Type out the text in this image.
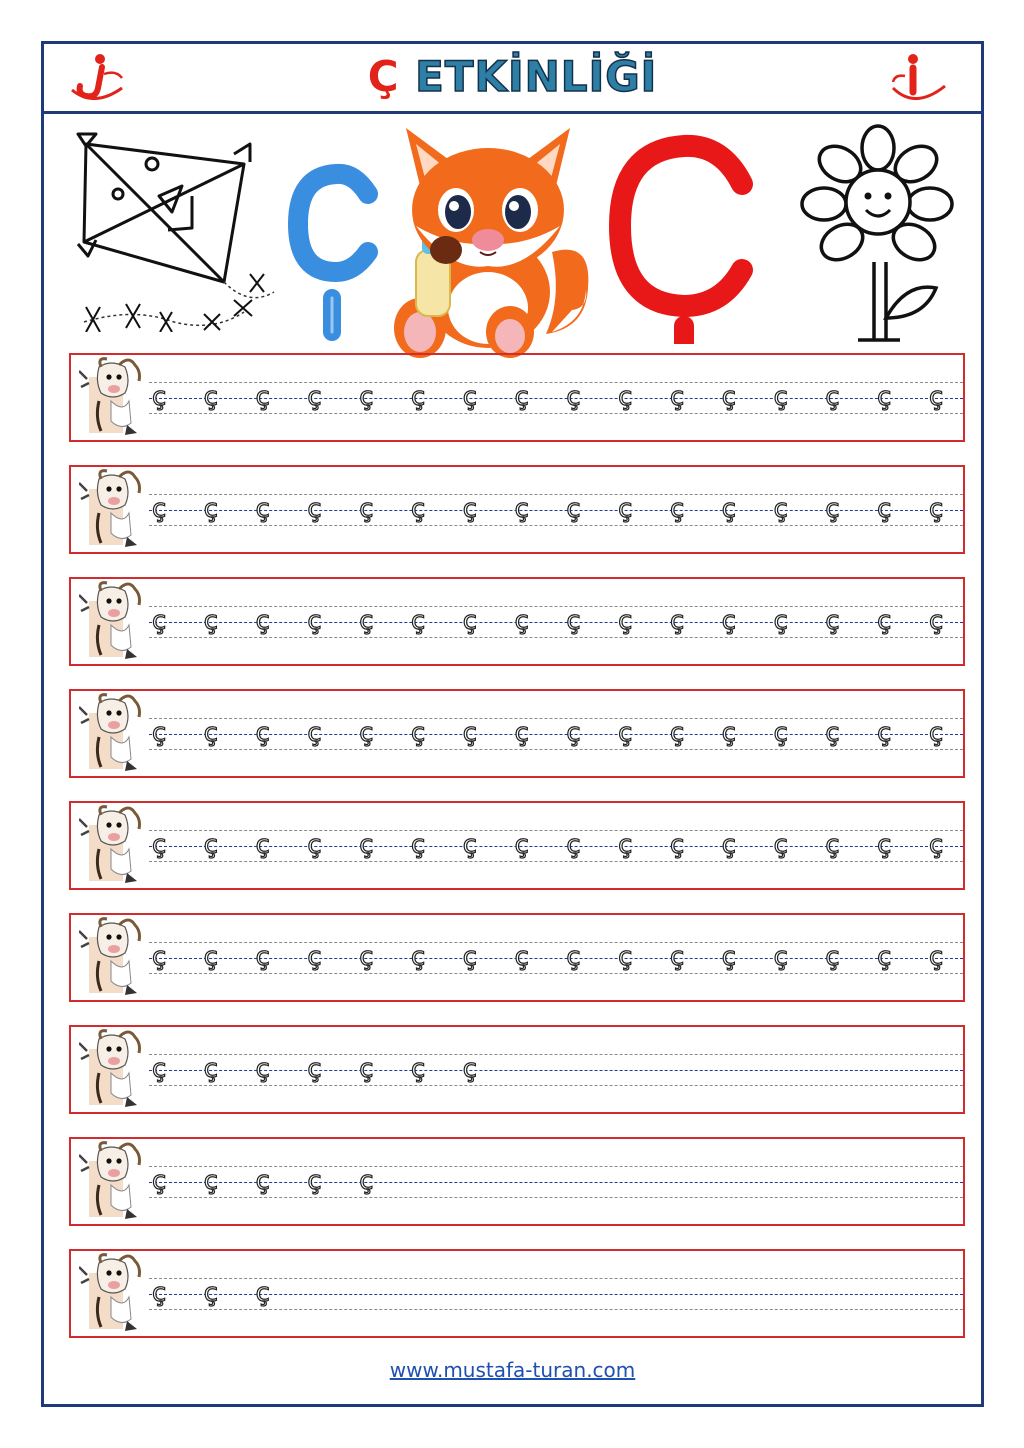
Ç ETKİNLİĞİ
ç	ç	ç	ç	ç	ç	ç	ç	ç	ç	ç	ç	ç	ç	ç	ç
ç	ç	ç	ç	ç	ç	ç	ç	ç	ç	ç	ç	ç	ç	ç	ç
ç	ç	ç	ç	ç	ç	ç	ç	ç	ç	ç	ç	ç	ç	ç	ç
ç	ç	ç	ç	ç	ç	ç	ç	ç	ç	ç	ç	ç	ç	ç	ç
ç	ç	ç	ç	ç	ç	ç	ç	ç	ç	ç	ç	ç	ç	ç	ç
ç	ç	ç	ç	ç	ç	ç	ç	ç	ç	ç	ç	ç	ç	ç	ç
ç	ç	ç	ç	ç	ç	ç
ç	ç	ç	ç	ç
ç	ç	ç
www.mustafa-turan.com
